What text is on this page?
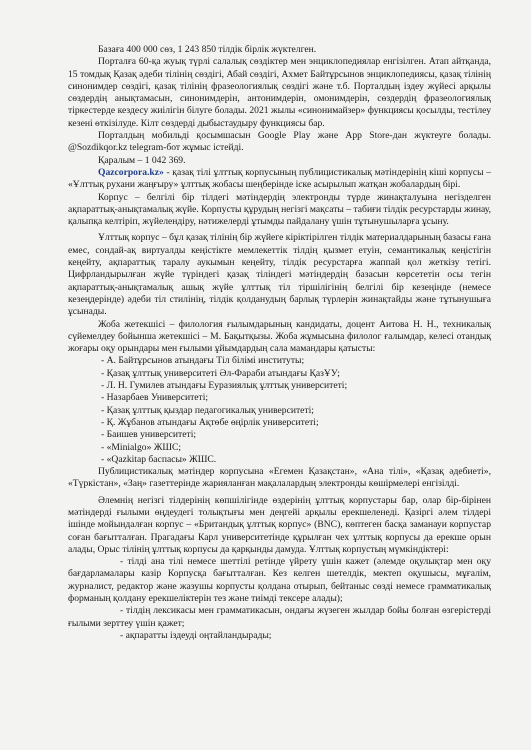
Базаға 400 000 сөз, 1 243 850 тілдік бірлік жүктелген.

Порталға 60-қа жуық түрлі салалық сөздіктер мен энциклопедиялар енгізілген. Атап айтқанда, 15 томдық Қазақ әдеби тілінің сөздігі, Абай сөздігі, Ахмет Байтұрсынов энциклопедиясы, қазақ тілінің синонимдер сөздігі, қазақ тілінің фразеологиялық сөздігі және т.б. Порталдың іздеу жүйесі арқылы сөздердің анықтамасын, синонимдерін, антонимдерін, омонимдерін, сөздердің фразеологиялық тіркестерде кездесу жиілігін білуге болады. 2021 жылы «синонимайзер» функциясы қосылды, тестілеу кезені өткізілуде. Кілт сөздерді дыбыстаудыру функциясы бар.

Порталдың мобильді қосымшасын Google Play және App Store-дан жүктеуге болады. @Sozdikqor.kz telegram-бот жұмыс істейді.

Қаралым – 1 042 369.

Qazcorpora.kz» - қазақ тілі ұлттық корпусының публицистикалық мәтіндерінің кіші корпусы – «Ұлттық рухани жаңғыру» ұлттық жобасы шеңберінде іске асырылып жатқан жобалардың бірі.

Корпус – белгілі бір тілдегі мәтіндердің электронды түрде жинақталуына негізделген ақпараттық-анықтамалық жүйе. Корпусты құрудың негізгі мақсаты – табиғи тілдік ресурстарды жинау, қалыпқа келтіріп, жүйелендіру, нәтижелерді ұтымды пайдалану үшін тұтынушыларға ұсыну.

Ұлттық корпус – бұл қазақ тілінің бір жүйеге кіріктірілген тілдік материалдарының базасы ғана емес, сондай-ақ виртуалды кеңістікте мемлекеттік тілдің қызмет етуін, семантикалық кеңістігін кеңейту, ақпараттық таралу аукымын кеңейту, тілдік ресурстарға жаппай қол жеткізу тетігі. Цифрландырылған жүйе түріндегі қазақ тіліндегі мәтіндердің базасын көрсететін осы тегін ақпараттық-анықтамалық ашық жүйе ұлттық тіл тіршілігінің белгілі бір кезеңінде (немесе кезеңдерінде) әдеби тіл стилінің, тілдік қолданудың барлық түрлерін жинақтайды және тұтынушыға ұсынады.

Жоба жетекшісі – филология ғылымдарының кандидаты, доцент Аитова Н. Н., техникалық сүйемелдеу бойынша жетекшісі – М. Бақытқызы. Жоба жұмысына филолог ғалымдар, келесі отандық жоғары оқу орындары мен ғылыми ұйымдардың сала мамандары қатысты:

- А. Байтұрсынов атындағы Тіл білімі институты;
- Қазақ ұлттық университеті Әл-Фараби атындағы ҚазҰУ;
- Л. Н. Гумилев атындағы Еуразиялық ұлттық университеті;
- Назарбаев Университеті;
- Қазақ ұлттық қыздар педагогикалық университеті;
- Қ. Жұбанов атындағы Ақтөбе өңірлік университеті;
- Баишев университеті;
- «Minialgo» ЖШС;
- «Qazkitap баспасы» ЖШС.

Публицистикалық мәтіндер корпусына «Егемен Қазақстан», «Ана тілі», «Қазақ әдебиеті», «Түркістан», «Заң» газеттерінде жарияланған мақалалардың электронды көшірмелері енгізілді.

Әлемнің негізгі тілдерінің көпшілігінде өздерінің ұлттық корпустары бар, олар бір-бірінен мәтіндерді ғылыми өңдеудегі толықтығы мен деңгейі арқылы ерекшеленеді. Қазіргі әлем тілдері ішінде мойындалған корпус – «Британдық ұлттық корпус» (BNC), көптеген басқа заманауи корпустар соған бағытталған. Прагадағы Карл университетінде құрылған чех ұлттық корпусы да ерекше орын алады, Орыс тілінің ұлттық корпусы да қарқынды дамуда. Ұлттық корпустың мүмкіндіктері:

- тілді ана тілі немесе шеттілі ретінде үйрету үшін кажет (әлемде оқулықтар мен оқу бағдарламалары казір Корпусқа бағытталған. Кез келген шетелдік, мектеп оқушысы, мұғалім, журналист, редактор және жазушы корпусты қолдана отырып, бейтаныс сөзді немесе грамматикалық форманың қолдану ерекшеліктерін тез және тиімді тексере алады);

- тілдің лексикасы мен грамматикасын, ондағы жүзеген жылдар бойы болған өзгерістерді ғылыми зерттеу үшін қажет;

- ақпаратты іздеуді оңтайландырады;
